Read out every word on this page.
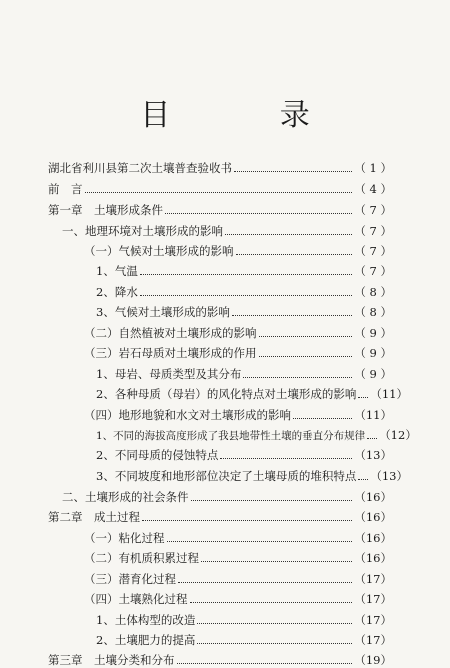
目 录
湖北省利川县第二次土壤普查验收书	（ 1 ）
前　言	（ 4 ）
第一章　土壤形成条件	（ 7 ）
一、地理环境对土壤形成的影响	（ 7 ）
（一）气候对土壤形成的影响	（ 7 ）
1、气温	（ 7 ）
2、降水	（ 8 ）
3、气候对土壤形成的影响	（ 8 ）
（二）自然植被对土壤形成的影响	（ 9 ）
（三）岩石母质对土壤形成的作用	（ 9 ）
1、母岩、母质类型及其分布	（ 9 ）
2、各种母质（母岩）的风化特点对土壤形成的影响 （11）
（四）地形地貌和水文对土壤形成的影响	（11）
1、不同的海拔高度形成了我县地带性土壤的垂直分布规律 （12）
2、不同母质的侵蚀特点	（13）
3、不同坡度和地形部位决定了土壤母质的堆积特点 （13）
二、土壤形成的社会条件	（16）
第二章　成土过程	（16）
（一）粘化过程	（16）
（二）有机质积累过程	（16）
（三）潜育化过程	（17）
（四）土壤熟化过程	（17）
1、土体构型的改造	（17）
2、土壤肥力的提高	（17）
第三章　土壤分类和分布	（19）
